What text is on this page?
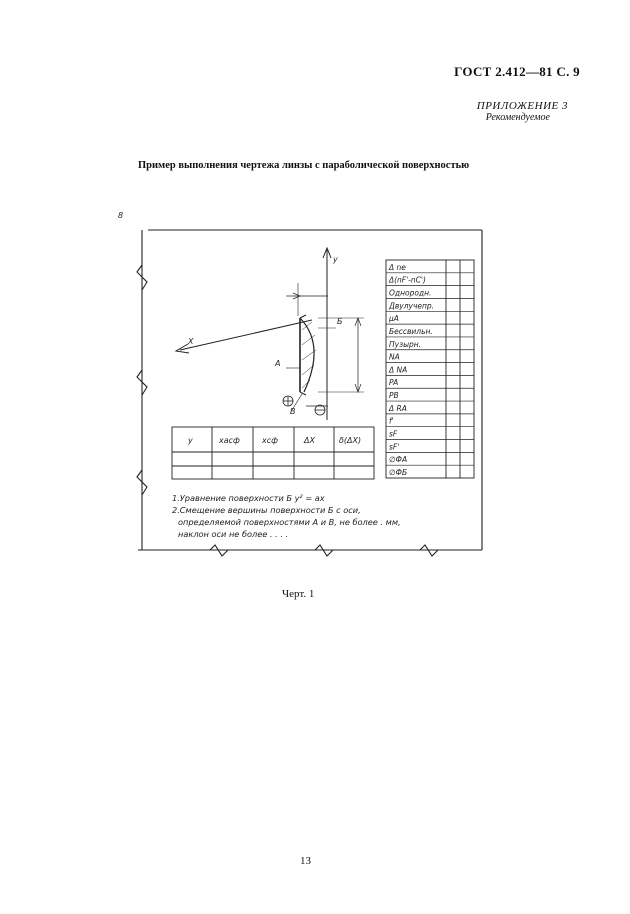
ГОСТ 2.412—81 С. 9
ПРИЛОЖЕНИЕ 3
Рекомендуемое
Пример выполнения чертежа линзы с параболической поверхностью
8
Δ nе
Δ(nF'-nC')
Однородн.
Двулучепр.
μА
Бессвильн.
Пузырн.
NA
Δ NA
PA
PВ
Δ RA
f'
sF
sF'
∅ФА
∅ФБ
y
X
Б
А
В
y	xасф	xсф	ΔX	δ(ΔX)
1.Уравнение поверхности Б y² = ax
2.Смещение вершины поверхности Б с оси,
определяемой поверхностями А и В, не более . мм,
наклон оси не более . . . .
Черт. 1
13
